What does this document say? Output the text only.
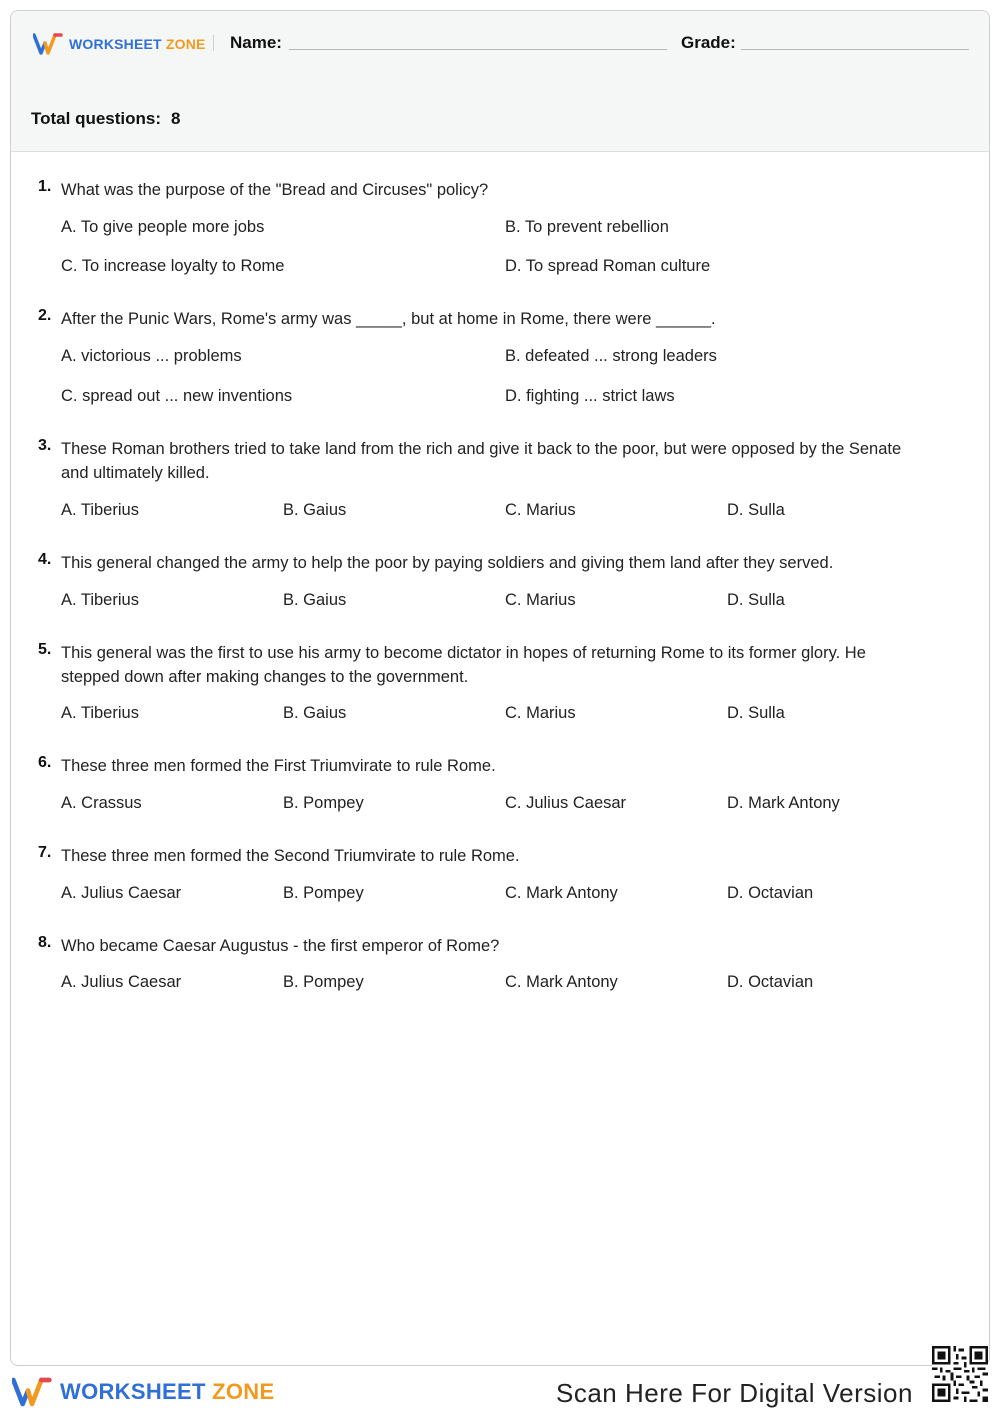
WORKSHEET ZONE Name:	Grade:
Total questions: 8
1. What was the purpose of the "Bread and Circuses" policy?
A. To give people more jobs	B. To prevent rebellion
C. To increase loyalty to Rome	D. To spread Roman culture
2. After the Punic Wars, Rome's army was _____, but at home in Rome, there were ______.
A. victorious ... problems	B. defeated ... strong leaders
C. spread out ... new inventions	D. fighting ... strict laws
3. These Roman brothers tried to take land from the rich and give it back to the poor, but were opposed by the Senate and ultimately killed.
A. Tiberius	B. Gaius	C. Marius	D. Sulla
4. This general changed the army to help the poor by paying soldiers and giving them land after they served.
A. Tiberius	B. Gaius	C. Marius	D. Sulla
5. This general was the first to use his army to become dictator in hopes of returning Rome to its former glory. He stepped down after making changes to the government.
A. Tiberius	B. Gaius	C. Marius	D. Sulla
6. These three men formed the First Triumvirate to rule Rome.
A. Crassus	B. Pompey	C. Julius Caesar	D. Mark Antony
7. These three men formed the Second Triumvirate to rule Rome.
A. Julius Caesar	B. Pompey	C. Mark Antony	D. Octavian
8. Who became Caesar Augustus - the first emperor of Rome?
A. Julius Caesar	B. Pompey	C. Mark Antony	D. Octavian
WORKSHEET ZONE	Scan Here For Digital Version
